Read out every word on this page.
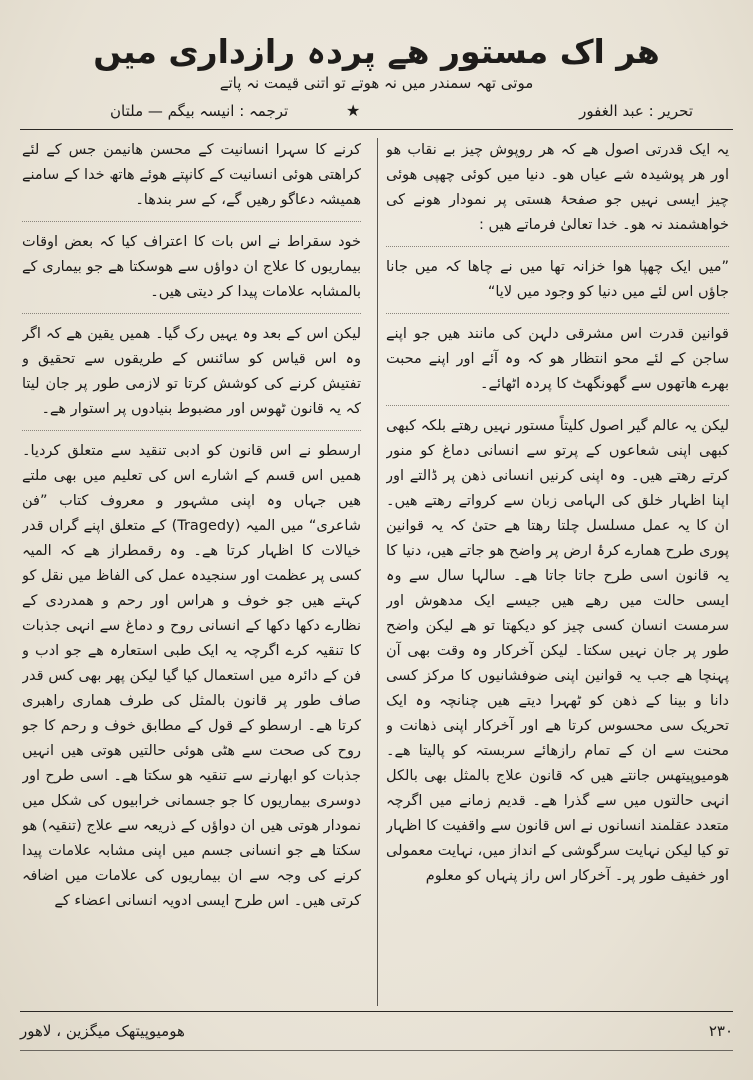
ھر اک مستور ھے پردہ رازداری میں
موتی تھہ سمندر میں نہ ھوتے تو اتنی قیمت نہ پاتے
تحریر : عبد الغفور
★
ترجمہ : انیسہ بیگم — ملتان

یہ ایک قدرتی اصول ھے کہ ھر روپوش چیز بے نقاب ھو اور ھر پوشیدہ شے عیاں ھو۔ دنیا میں کوئی چھپی ھوئی چیز ایسی نہیں جو صفحۂ ھستی پر نمودار ھونے کی خواھشمند نہ ھو۔ خدا تعالیٰ فرماتے ھیں :

”میں ایک چھپا ھوا خزانہ تھا میں نے چاھا کہ میں جانا جاؤں اس لئے میں دنیا کو وجود میں لایا“

قوانین قدرت اس مشرقی دلہن کی مانند ھیں جو اپنے ساجن کے لئے محو انتظار ھو کہ وہ آئے اور اپنے محبت بھرے ھاتھوں سے گھونگھٹ کا پردہ اٹھائے۔

لیکن یہ عالم گیر اصول کلیتاً مستور نہیں رھتے بلکہ کبھی کبھی اپنی شعاعوں کے پرتو سے انسانی دماغ کو منور کرتے رھتے ھیں۔ وہ اپنی کرنیں انسانی ذھن پر ڈالتے اور اپنا اظہار خلق کی الہامی زبان سے کرواتے رھتے ھیں۔ ان کا یہ عمل مسلسل چلتا رھتا ھے حتیٰ کہ یہ قوانین پوری طرح ھمارے کرۂ ارض پر واضح ھو جاتے ھیں، دنیا کا یہ قانون اسی طرح جاتا جاتا ھے۔ سالہا سال سے وہ ایسی حالت میں رھے ھیں جیسے ایک مدھوش اور سرمست انسان کسی چیز کو دیکھتا تو ھے لیکن واضح طور پر جان نہیں سکتا۔ لیکن آخرکار وہ وقت بھی آن پہنچا ھے جب یہ قوانین اپنی ضوفشانیوں کا مرکز کسی دانا و بینا کے ذھن کو ٹھہرا دیتے ھیں چنانچہ وہ ایک تحریک سی محسوس کرتا ھے اور آخرکار اپنی ذھانت و محنت سے ان کے تمام رازھائے سربستہ کو پالیتا ھے۔ ھومیوپیتھس جانتے ھیں کہ قانون علاج بالمثل بھی بالکل انہی حالتوں میں سے گذرا ھے۔ قدیم زمانے میں اگرچہ متعدد عقلمند انسانوں نے اس قانون سے واقفیت کا اظہار تو کیا لیکن نہایت سرگوشی کے انداز میں، نہایت معمولی اور خفیف طور پر۔ آخرکار اس راز پنہاں کو معلوم

کرنے کا سہرا انسانیت کے محسن ھانیمن جس کے لئے کراھتی ھوئی انسانیت کے کانپتے ھوئے ھاتھ خدا کے سامنے ھمیشہ دعاگو رھیں گے، کے سر بندھا۔

خود سقراط نے اس بات کا اعتراف کیا کہ بعض اوقات بیماریوں کا علاج ان دواؤں سے ھوسکتا ھے جو بیماری کے بالمشابہ علامات پیدا کر دیتی ھیں۔

لیکن اس کے بعد وہ یہیں رک گیا۔ ھمیں یقین ھے کہ اگر وہ اس قیاس کو سائنس کے طریقوں سے تحقیق و تفتیش کرنے کی کوشش کرتا تو لازمی طور پر جان لیتا کہ یہ قانون ٹھوس اور مضبوط بنیادوں پر استوار ھے۔

ارسطو نے اس قانون کو ادبی تنقید سے متعلق کردیا۔ ھمیں اس قسم کے اشارے اس کی تعلیم میں بھی ملتے ھیں جہاں وہ اپنی مشہور و معروف کتاب ”فن شاعری“ میں المیہ (Tragedy) کے متعلق اپنے گراں قدر خیالات کا اظہار کرتا ھے۔ وہ رقمطراز ھے کہ المیہ کسی پر عظمت اور سنجیدہ عمل کی الفاظ میں نقل کو کہتے ھیں جو خوف و ھراس اور رحم و ھمدردی کے نظارے دکھا دکھا کے انسانی روح و دماغ سے انہی جذبات کا تنقیہ کرے اگرچہ یہ ایک طبی استعارہ ھے جو ادب و فن کے دائرہ میں استعمال کیا گیا لیکن پھر بھی کس قدر صاف طور پر قانون بالمثل کی طرف ھماری راھبری کرتا ھے۔ ارسطو کے قول کے مطابق خوف و رحم کا جو روح کی صحت سے ھٹی ھوئی حالتیں ھوتی ھیں انہیں جذبات کو ابھارنے سے تنقیہ ھو سکتا ھے۔ اسی طرح اور دوسری بیماریوں کا جو جسمانی خرابیوں کی شکل میں نمودار ھوتی ھیں ان دواؤں کے ذریعہ سے علاج (تنقیہ) ھو سکتا ھے جو انسانی جسم میں اپنی مشابہ علامات پیدا کرنے کی وجہ سے ان بیماریوں کی علامات میں اضافہ کرتی ھیں۔ اس طرح ایسی ادویہ انسانی اعضاء کے

ھومیوپیتھک میگزین ، لاھور	۲۳۰
